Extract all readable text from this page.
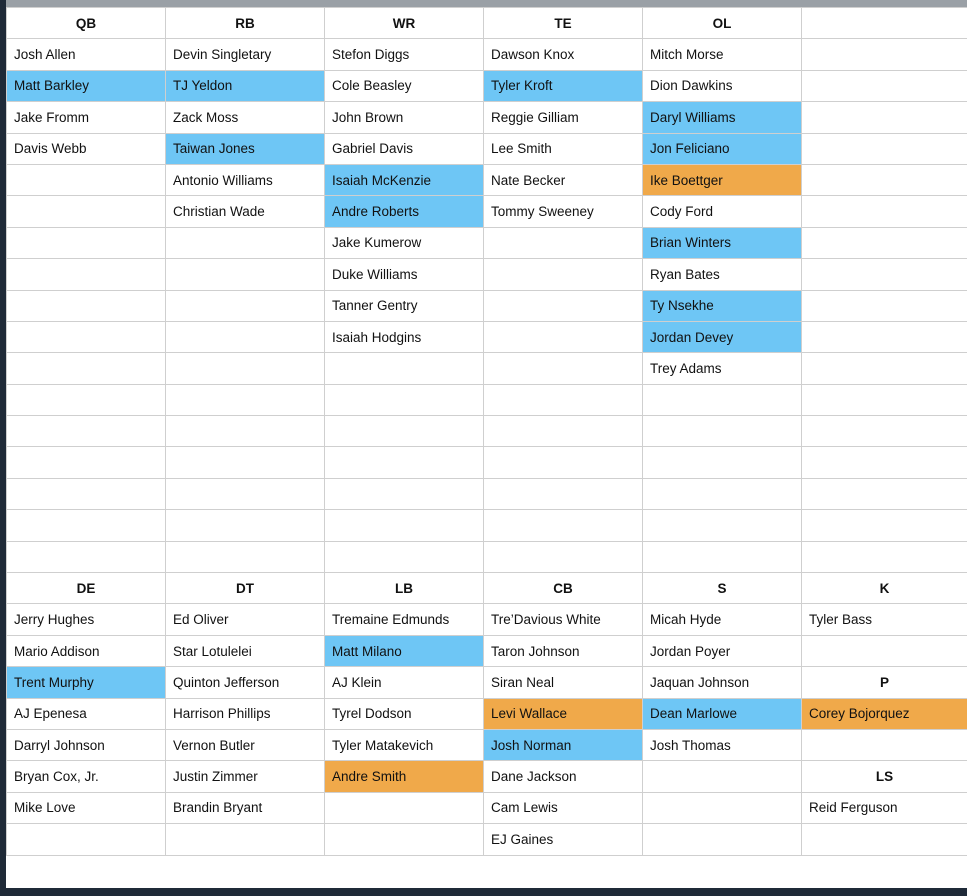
QB	RB	WR	TE	OL	
Josh Allen	Devin Singletary	Stefon Diggs	Dawson Knox	Mitch Morse	
Matt Barkley	TJ Yeldon	Cole Beasley	Tyler Kroft	Dion Dawkins	
Jake Fromm	Zack Moss	John Brown	Reggie Gilliam	Daryl Williams	
Davis Webb	Taiwan Jones	Gabriel Davis	Lee Smith	Jon Feliciano	
	Antonio Williams	Isaiah McKenzie	Nate Becker	Ike Boettger	
	Christian Wade	Andre Roberts	Tommy Sweeney	Cody Ford	
		Jake Kumerow		Brian Winters	
		Duke Williams		Ryan Bates	
		Tanner Gentry		Ty Nsekhe	
		Isaiah Hodgins		Jordan Devey	
				Trey Adams	

DE	DT	LB	CB	S	K
Jerry Hughes	Ed Oliver	Tremaine Edmunds	Tre’Davious White	Micah Hyde	Tyler Bass
Mario Addison	Star Lotulelei	Matt Milano	Taron Johnson	Jordan Poyer	
Trent Murphy	Quinton Jefferson	AJ Klein	Siran Neal	Jaquan Johnson	P
AJ Epenesa	Harrison Phillips	Tyrel Dodson	Levi Wallace	Dean Marlowe	Corey Bojorquez
Darryl Johnson	Vernon Butler	Tyler Matakevich	Josh Norman	Josh Thomas	
Bryan Cox, Jr.	Justin Zimmer	Andre Smith	Dane Jackson		LS
Mike Love	Brandin Bryant		Cam Lewis		Reid Ferguson
			EJ Gaines		
